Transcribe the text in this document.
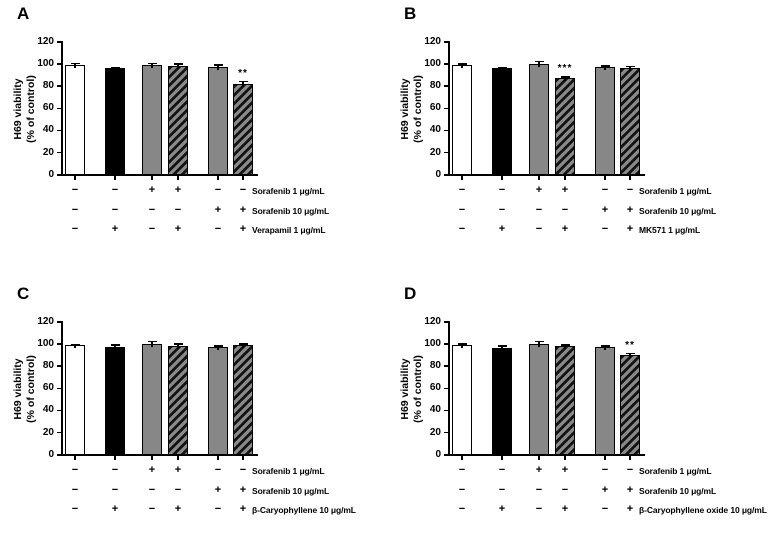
A
H69 viability (% of control)
0
20
40
60
80
100
120
**
−	−	+	+	−	− Sorafenib 1 μg/mL
−	−	−	−	+	+ Sorafenib 10 μg/mL
−	+	−	+	−	+ Verapamil 1 μg/mL
B
H69 viability (% of control)
0
20
40
60
80
100
120
***
−	−	+	+	−	− Sorafenib 1 μg/mL
−	−	−	−	+	+ Sorafenib 10 μg/mL
−	+	−	+	−	+ MK571 1 μg/mL
C
H69 viability (% of control)
0
20
40
60
80
100
120
−	−	+	+	−	− Sorafenib 1 μg/mL
−	−	−	−	+	+ Sorafenib 10 μg/mL
−	+	−	+	−	+ β-Caryophyllene 10 μg/mL
D
H69 viability (% of control)
0
20
40
60
80
100
120
**
−	−	+	+	−	− Sorafenib 1 μg/mL
−	−	−	−	+	+ Sorafenib 10 μg/mL
−	+	−	+	−	+ β-Caryophyllene oxide 10 μg/mL
